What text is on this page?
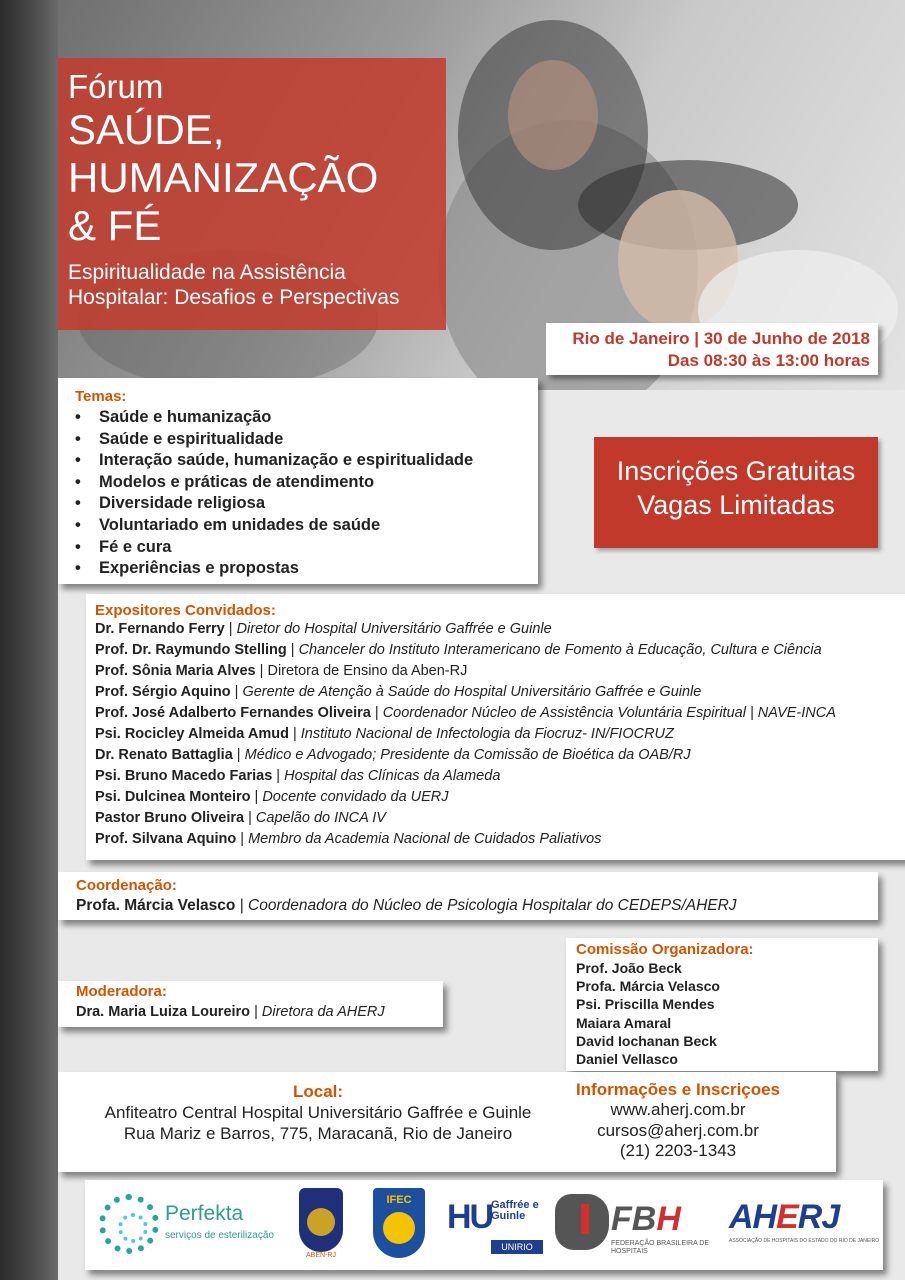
Fórum
SAÚDE,
HUMANIZAÇÃO
& FÉ
Espiritualidade na Assistência
Hospitalar: Desafios e Perspectivas
Rio de Janeiro | 30 de Junho de 2018
Das 08:30 às 13:00 horas
Temas:
• Saúde e humanização
• Saúde e espiritualidade
• Interação saúde, humanização e espiritualidade
• Modelos e práticas de atendimento
• Diversidade religiosa
• Voluntariado em unidades de saúde
• Fé e cura
• Experiências e propostas
Inscrições Gratuitas
Vagas Limitadas
Expositores Convidados:
Dr. Fernando Ferry | Diretor do Hospital Universitário Gaffrée e Guinle
Prof. Dr. Raymundo Stelling | Chanceler do Instituto Interamericano de Fomento à Educação, Cultura e Ciência
Prof. Sônia Maria Alves | Diretora de Ensino da Aben-RJ
Prof. Sérgio Aquino | Gerente de Atenção à Saúde do Hospital Universitário Gaffrée e Guinle
Prof. José Adalberto Fernandes Oliveira | Coordenador Núcleo de Assistência Voluntária Espiritual | NAVE-INCA
Psi. Rocicley Almeida Amud | Instituto Nacional de Infectologia da Fiocruz- IN/FIOCRUZ
Dr. Renato Battaglia | Médico e Advogado; Presidente da Comissão de Bioética da OAB/RJ
Psi. Bruno Macedo Farias | Hospital das Clínicas da Alameda
Psi. Dulcinea Monteiro | Docente convidado da UERJ
Pastor Bruno Oliveira | Capelão do INCA IV
Prof. Silvana Aquino | Membro da Academia Nacional de Cuidados Paliativos
Coordenação:
Profa. Márcia Velasco | Coordenadora do Núcleo de Psicologia Hospitalar do CEDEPS/AHERJ
Comissão Organizadora:
Prof. João Beck
Profa. Márcia Velasco
Psi. Priscilla Mendes
Maiara Amaral
David Iochanan Beck
Daniel Vellasco
Moderadora:
Dra. Maria Luiza Loureiro | Diretora da AHERJ
Local:
Anfiteatro Central Hospital Universitário Gaffrée e Guinle
Rua Mariz e Barros, 775, Maracanã, Rio de Janeiro
Informações e Inscriçoes
www.aherj.com.br
cursos@aherj.com.br
(21) 2203-1343
Perfekta
serviços de esterilização
ABEN-RJ
IFEC	HU
Gaffrée e Guinle
UNIRIO
FBH
FEDERAÇÃO BRASILEIRA DE HOSPITAIS
AHERJ
ASSOCIAÇÃO DE HOSPITAIS DO ESTADO DO RIO DE JANEIRO
